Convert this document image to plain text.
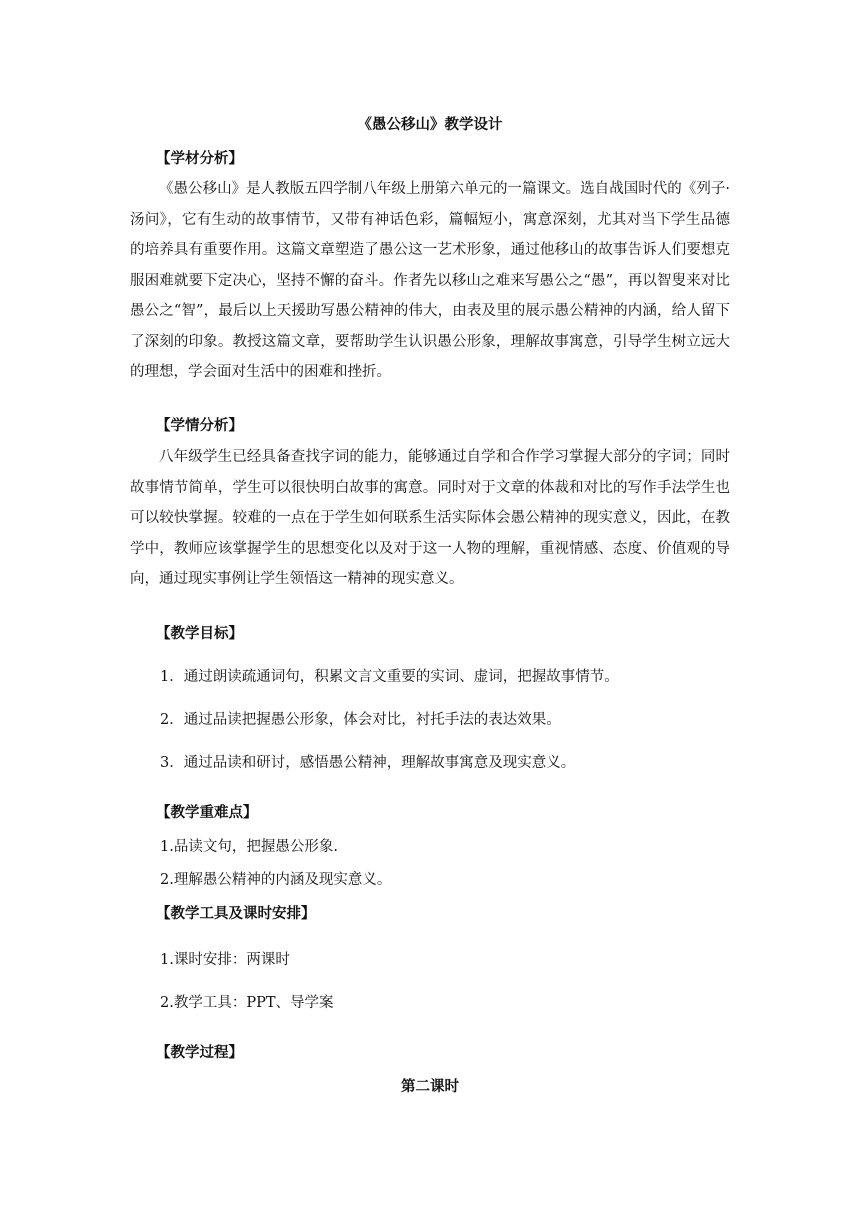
《愚公移山》教学设计
【学材分析】

《愚公移山》是人教版五四学制八年级上册第六单元的一篇课文。选自战国时代的《列子·汤问》，它有生动的故事情节，又带有神话色彩，篇幅短小，寓意深刻，尤其对当下学生品德的培养具有重要作用。这篇文章塑造了愚公这一艺术形象，通过他移山的故事告诉人们要想克服困难就要下定决心，坚持不懈的奋斗。作者先以移山之难来写愚公之“愚”，再以智叟来对比愚公之“智”，最后以上天援助写愚公精神的伟大，由表及里的展示愚公精神的内涵，给人留下了深刻的印象。教授这篇文章，要帮助学生认识愚公形象，理解故事寓意，引导学生树立远大的理想，学会面对生活中的困难和挫折。

【学情分析】

八年级学生已经具备查找字词的能力，能够通过自学和合作学习掌握大部分的字词；同时故事情节简单，学生可以很快明白故事的寓意。同时对于文章的体裁和对比的写作手法学生也可以较快掌握。较难的一点在于学生如何联系生活实际体会愚公精神的现实意义，因此，在教学中，教师应该掌握学生的思想变化以及对于这一人物的理解，重视情感、态度、价值观的导向，通过现实事例让学生领悟这一精神的现实意义。

【教学目标】
1．通过朗读疏通词句，积累文言文重要的实词、虚词，把握故事情节。
2．通过品读把握愚公形象，体会对比，衬托手法的表达效果。
3．通过品读和研讨，感悟愚公精神，理解故事寓意及现实意义。
【教学重难点】
1.品读文句，把握愚公形象.
2.理解愚公精神的内涵及现实意义。
【教学工具及课时安排】
1.课时安排：两课时
2.教学工具：PPT、导学案
【教学过程】
第二课时
